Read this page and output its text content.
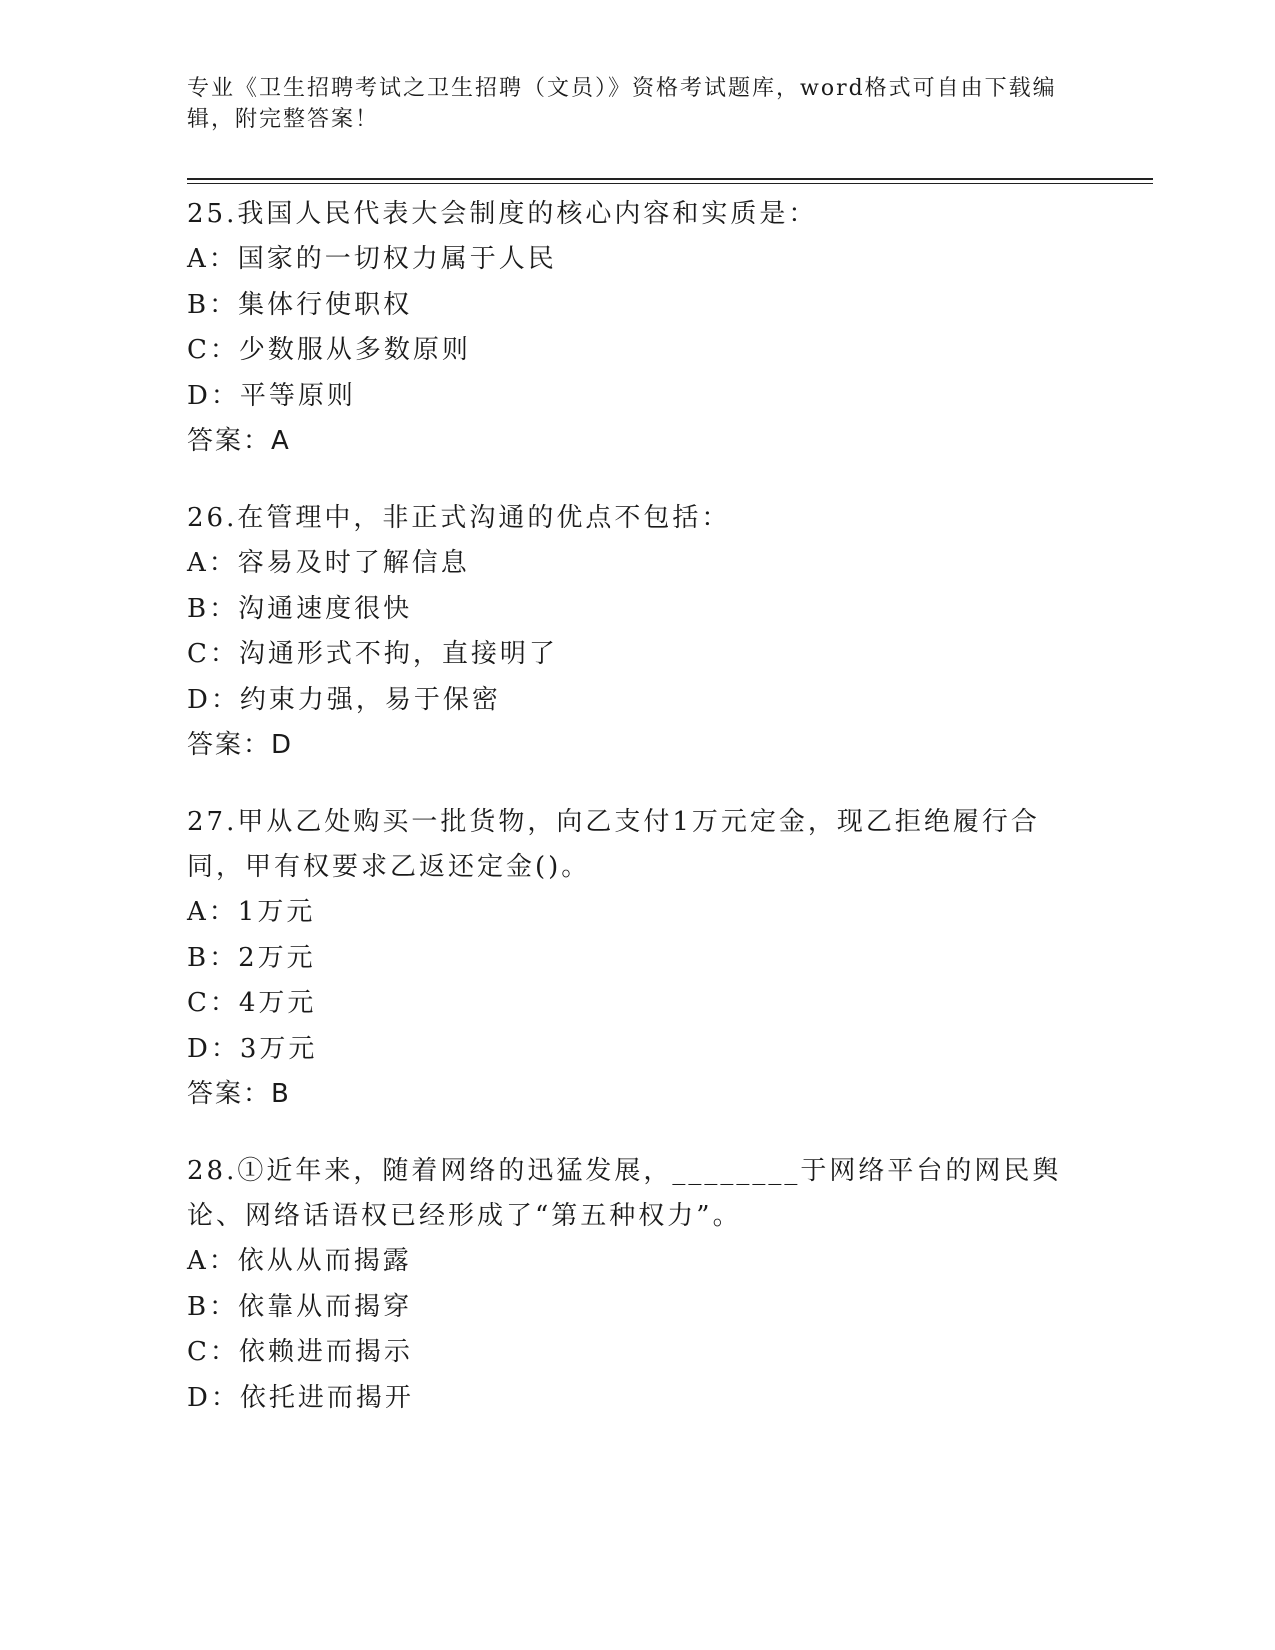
专业《卫生招聘考试之卫生招聘（文员）》资格考试题库，word格式可自由下载编辑，附完整答案！

25.我国人民代表大会制度的核心内容和实质是：

A：国家的一切权力属于人民

B：集体行使职权

C：少数服从多数原则

D：平等原则

答案：A

26.在管理中，非正式沟通的优点不包括：

A：容易及时了解信息

B：沟通速度很快

C：沟通形式不拘，直接明了

D：约束力强，易于保密

答案：D

27.甲从乙处购买一批货物，向乙支付1万元定金，现乙拒绝履行合同，甲有权要求乙返还定金()。

A：1万元

B：2万元

C：4万元

D：3万元

答案：B

28.①近年来，随着网络的迅猛发展，________于网络平台的网民舆论、网络话语权已经形成了“第五种权力”。

A：依从从而揭露

B：依靠从而揭穿

C：依赖进而揭示

D：依托进而揭开
